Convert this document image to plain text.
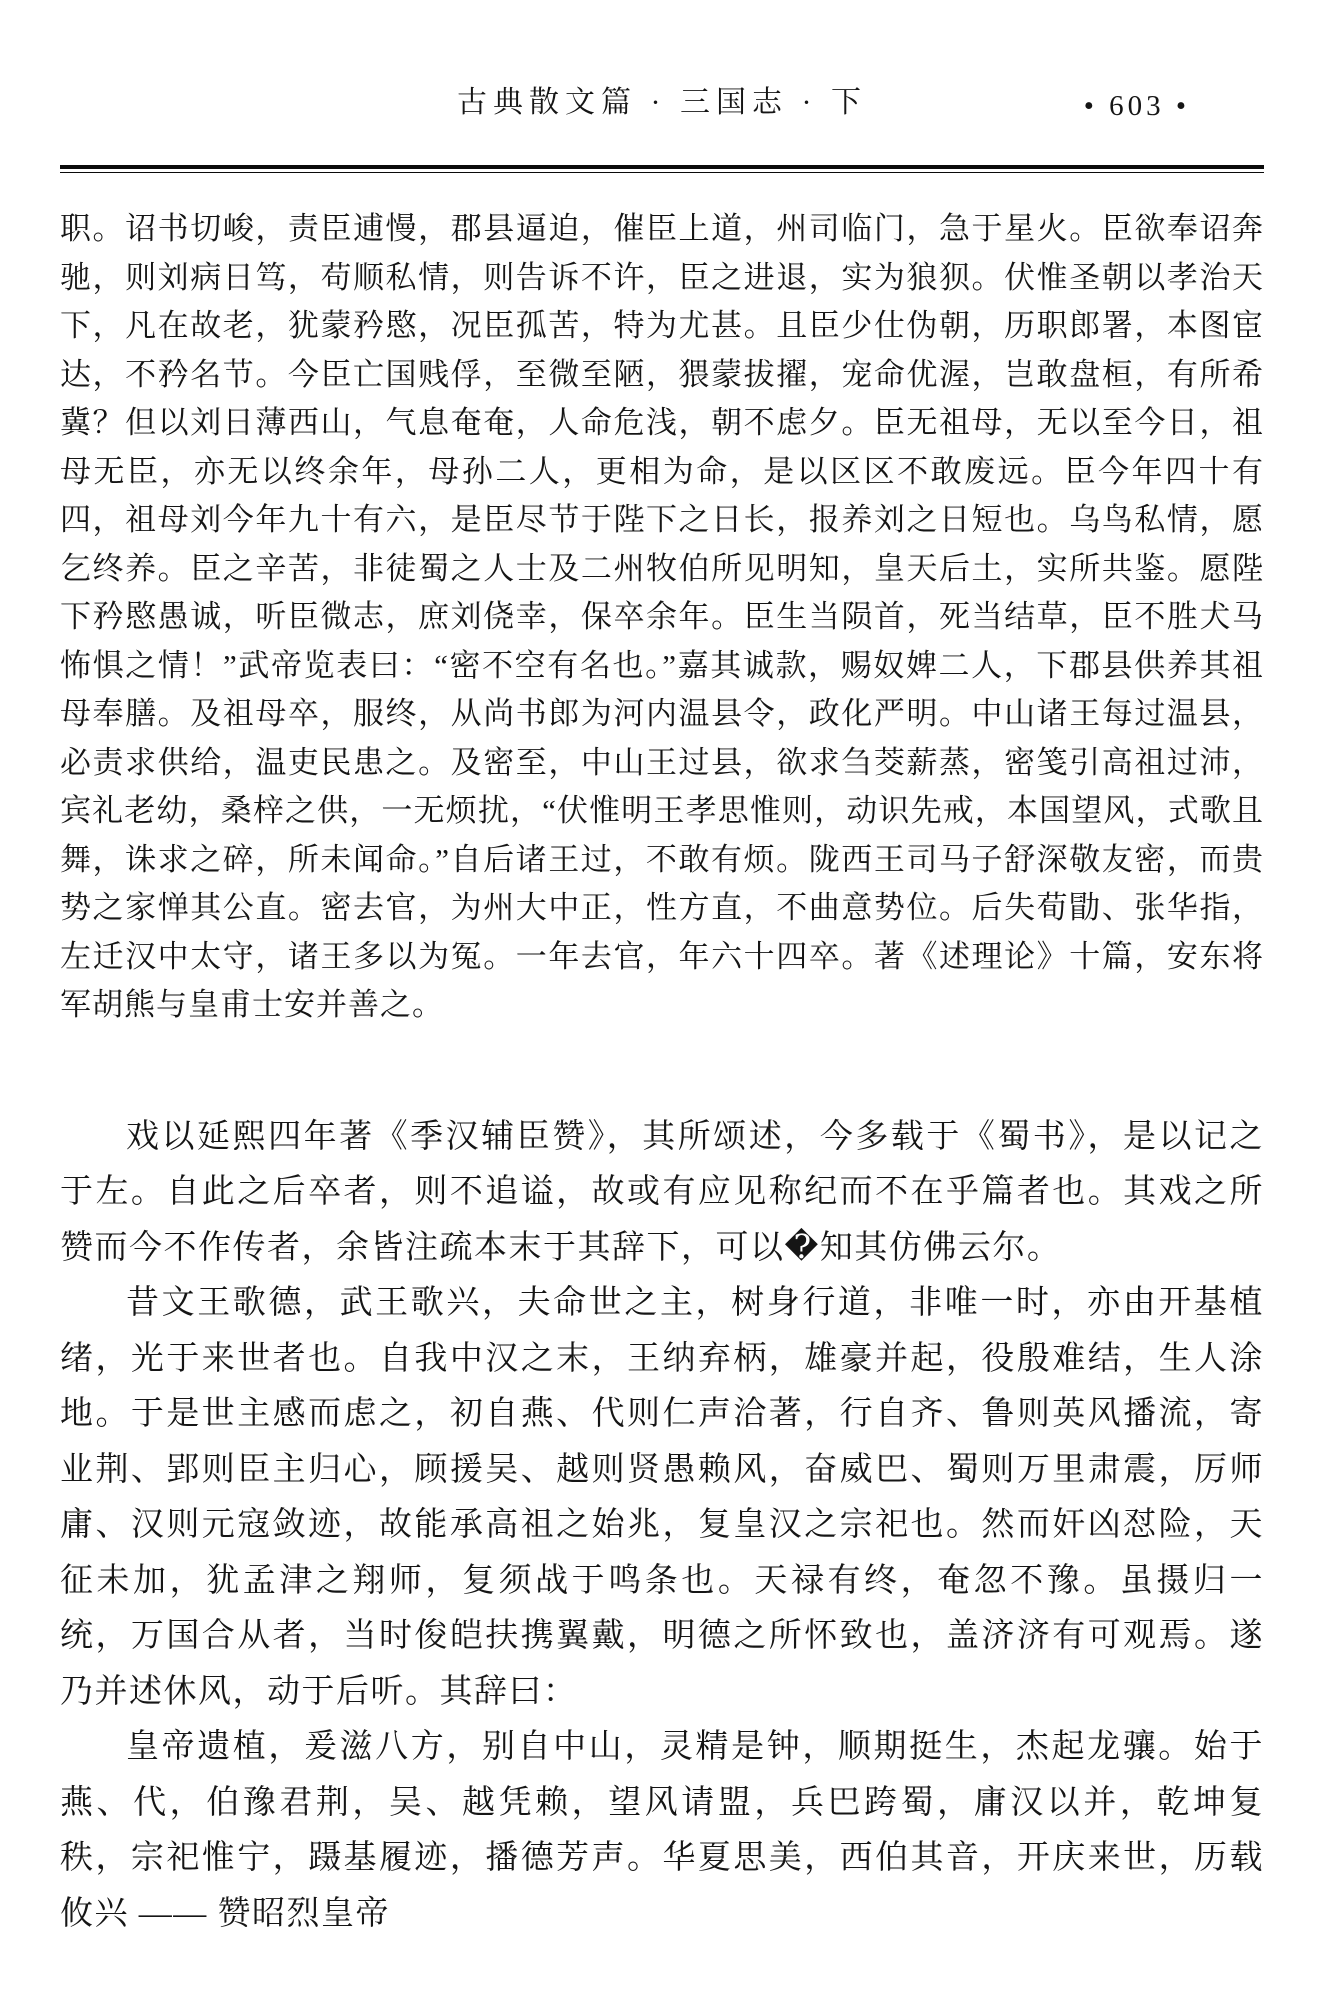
古典散文篇 · 三国志 · 下	• 603 •

职。诏书切峻，责臣逋慢，郡县逼迫，催臣上道，州司临门，急于星火。臣欲奉诏奔驰，则刘病日笃，苟顺私情，则告诉不许，臣之进退，实为狼狈。伏惟圣朝以孝治天下，凡在故老，犹蒙矜愍，况臣孤苦，特为尤甚。且臣少仕伪朝，历职郎署，本图宦达，不矜名节。今臣亡国贱俘，至微至陋，猥蒙拔擢，宠命优渥，岂敢盘桓，有所希冀？但以刘日薄西山，气息奄奄，人命危浅，朝不虑夕。臣无祖母，无以至今日，祖母无臣，亦无以终余年，母孙二人，更相为命，是以区区不敢废远。臣今年四十有四，祖母刘今年九十有六，是臣尽节于陛下之日长，报养刘之日短也。乌鸟私情，愿乞终养。臣之辛苦，非徒蜀之人士及二州牧伯所见明知，皇天后土，实所共鉴。愿陛下矜愍愚诚，听臣微志，庶刘侥幸，保卒余年。臣生当陨首，死当结草，臣不胜犬马怖惧之情！”武帝览表曰：“密不空有名也。”嘉其诚款，赐奴婢二人，下郡县供养其祖母奉膳。及祖母卒，服终，从尚书郎为河内温县令，政化严明。中山诸王每过温县，必责求供给，温吏民患之。及密至，中山王过县，欲求刍茭薪蒸，密笺引高祖过沛，宾礼老幼，桑梓之供，一无烦扰，“伏惟明王孝思惟则，动识先戒，本国望风，式歌且舞，诛求之碎，所未闻命。”自后诸王过，不敢有烦。陇西王司马子舒深敬友密，而贵势之家惮其公直。密去官，为州大中正，性方直，不曲意势位。后失荀勖、张华指，左迁汉中太守，诸王多以为冤。一年去官，年六十四卒。著《述理论》十篇，安东将军胡熊与皇甫士安并善之。

戏以延熙四年著《季汉辅臣赞》，其所颂述，今多载于《蜀书》，是以记之于左。自此之后卒者，则不追谥，故或有应见称纪而不在乎篇者也。其戏之所赞而今不作传者，余皆注疏本末于其辞下，可以�知其仿佛云尔。

昔文王歌德，武王歌兴，夫命世之主，树身行道，非唯一时，亦由开基植绪，光于来世者也。自我中汉之末，王纳弃柄，雄豪并起，役殷难结，生人涂地。于是世主感而虑之，初自燕、代则仁声洽著，行自齐、鲁则英风播流，寄业荆、郢则臣主归心，顾援吴、越则贤愚赖风，奋威巴、蜀则万里肃震，厉师庸、汉则元寇敛迹，故能承高祖之始兆，复皇汉之宗祀也。然而奸凶怼险，天征未加，犹孟津之翔师，复须战于鸣条也。天禄有终，奄忽不豫。虽摄归一统，万国合从者，当时俊皑扶携翼戴，明德之所怀致也，盖济济有可观焉。遂乃并述休风，动于后听。其辞曰：

皇帝遗植，爰滋八方，别自中山，灵精是钟，顺期挺生，杰起龙骧。始于燕、代，伯豫君荆，吴、越凭赖，望风请盟，兵巴跨蜀，庸汉以并，乾坤复秩，宗祀惟宁，蹑基履迹，播德芳声。华夏思美，西伯其音，开庆来世，历载攸兴 —— 赞昭烈皇帝
